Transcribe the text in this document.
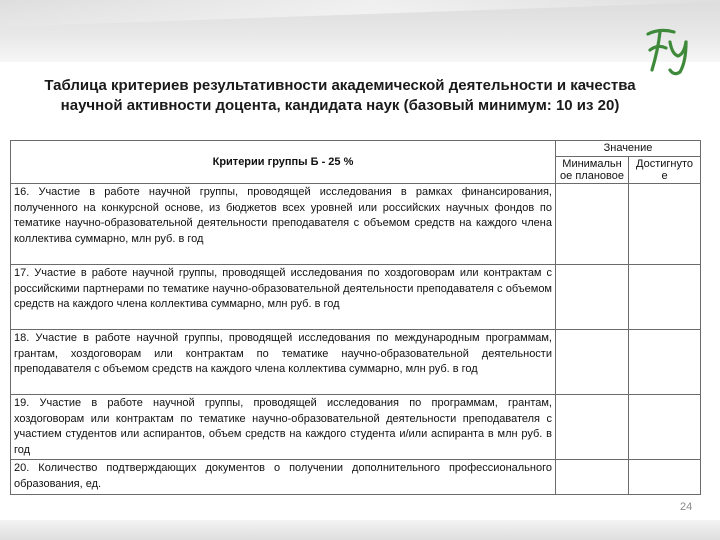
Таблица критериев результативности академической деятельности и качества научной активности доцента, кандидата наук (базовый минимум: 10 из 20)
Критерии группы Б - 25 %	Значение	
	Минимальн ое плановое	Достигнуто е
16. Участие в работе научной группы, проводящей исследования в рамках финансирования, полученного на конкурсной основе, из бюджетов всех уровней или российских научных фондов по тематике научно-образовательной деятельности преподавателя с объемом средств на каждого члена коллектива суммарно, млн руб. в год		
17. Участие в работе научной группы, проводящей исследования по хоздоговорам или контрактам с российскими партнерами по тематике научно-образовательной деятельности преподавателя с объемом средств на каждого члена коллектива суммарно, млн руб. в год		
18. Участие в работе научной группы, проводящей исследования по международным программам, грантам, хоздоговорам или контрактам по тематике научно-образовательной деятельности преподавателя с объемом средств на каждого члена коллектива суммарно, млн руб. в год		
19. Участие в работе научной группы, проводящей исследования по программам, грантам, хоздоговорам или контрактам по тематике научно-образовательной деятельности преподавателя с участием студентов или аспирантов, объем средств на каждого студента и/или аспиранта в млн руб. в год		
20. Количество подтверждающих документов о получении дополнительного профессионального образования, ед.		
24
